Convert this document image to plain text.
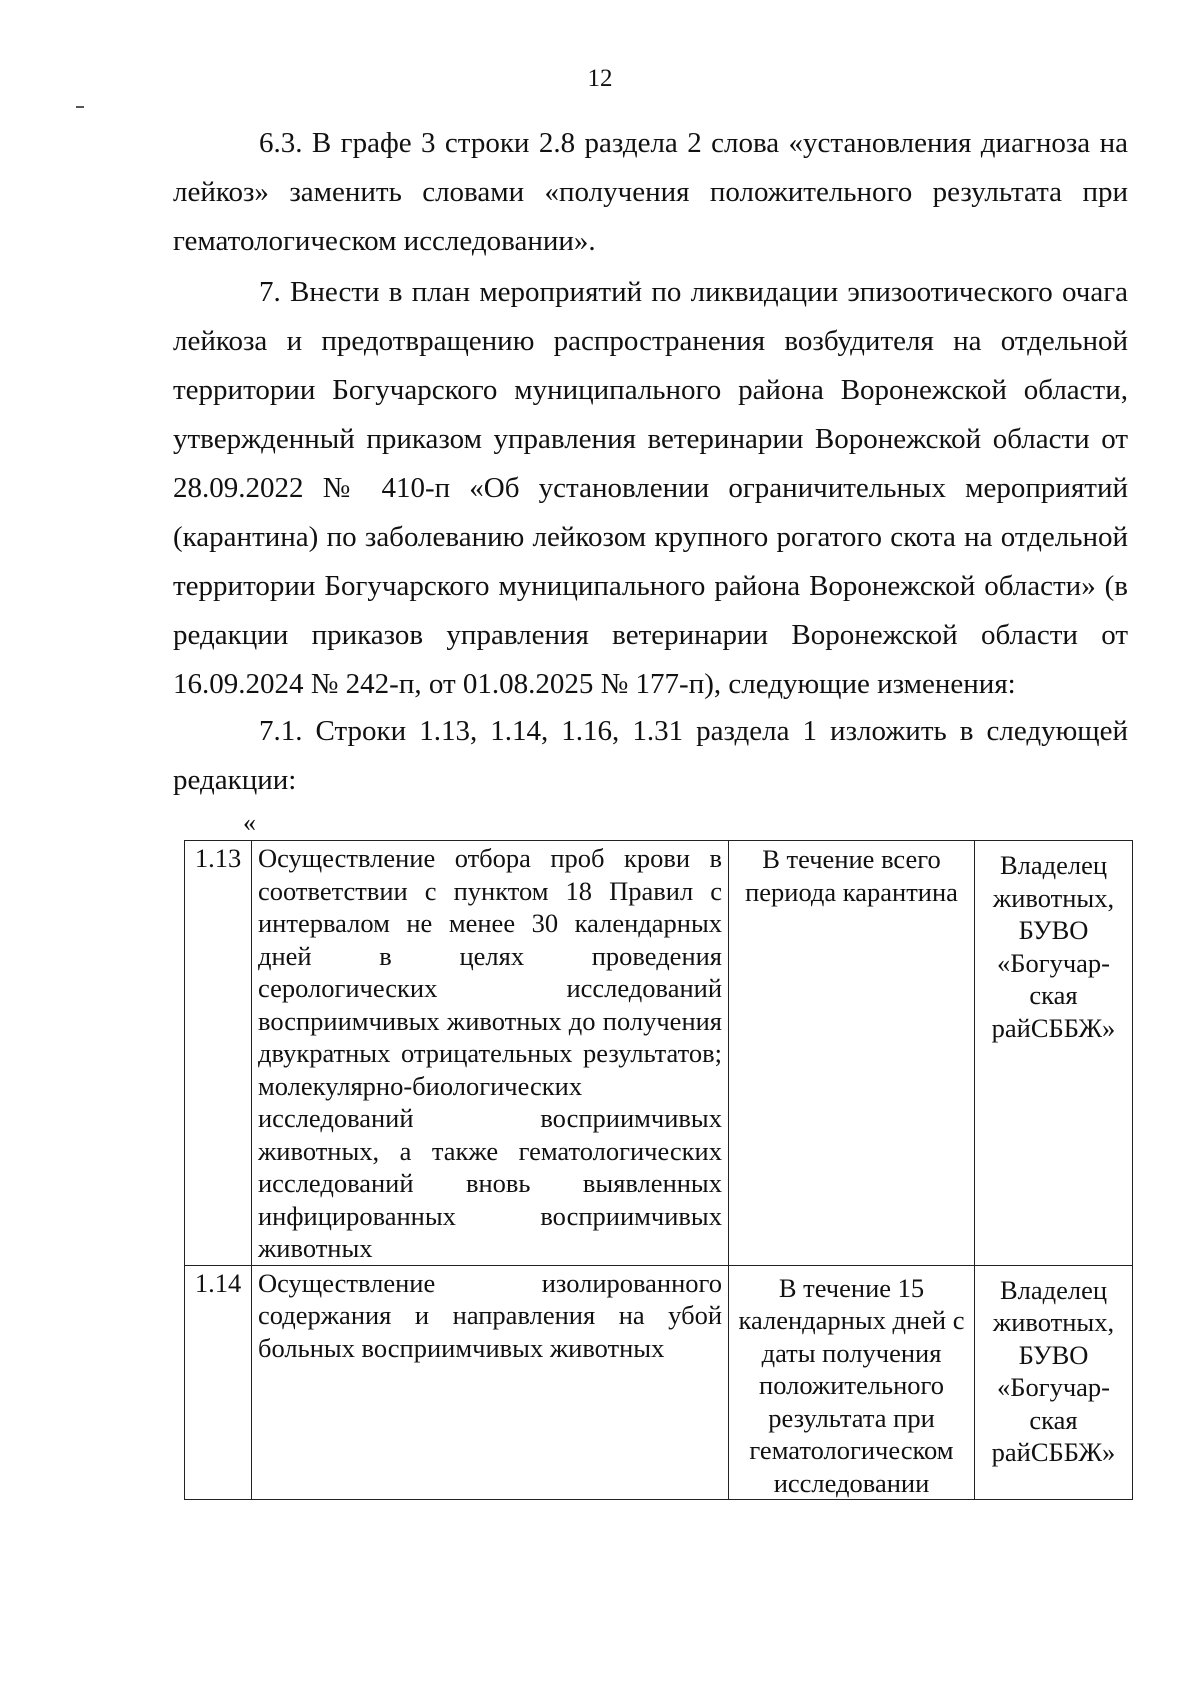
12

6.3. В графе 3 строки 2.8 раздела 2 слова «установления диагноза на лейкоз» заменить словами «получения положительного результата при гематологическом исследовании».

7. Внести в план мероприятий по ликвидации эпизоотического очага лейкоза и предотвращению распространения возбудителя на отдельной территории Богучарского муниципального района Воронежской области, утвержденный приказом управления ветеринарии Воронежской области от 28.09.2022 № 410-п «Об установлении ограничительных мероприятий (карантина) по заболеванию лейкозом крупного рогатого скота на отдельной территории Богучарского муниципального района Воронежской области» (в редакции приказов управления ветеринарии Воронежской области от 16.09.2024 № 242-п, от 01.08.2025 № 177-п), следующие изменения:

7.1. Строки 1.13, 1.14, 1.16, 1.31 раздела 1 изложить в следующей редакции:

«
1.13	Осуществление отбора проб крови в соответствии с пунктом 18 Правил с интервалом не менее 30 календарных дней в целях проведения серологических исследований восприимчивых животных до получения двукратных отрицательных результатов; молекулярно-биологических исследований восприимчивых животных, а также гематологических исследований вновь выявленных инфицированных восприимчивых животных	В течение всего периода карантина	Владелец животных, БУВО «Богучар-ская райСББЖ»
1.14	Осуществление изолированного содержания и направления на убой больных восприимчивых животных	В течение 15 календарных дней с даты получения положительного результата при гематологическом исследовании	Владелец животных, БУВО «Богучар-ская райСББЖ»
